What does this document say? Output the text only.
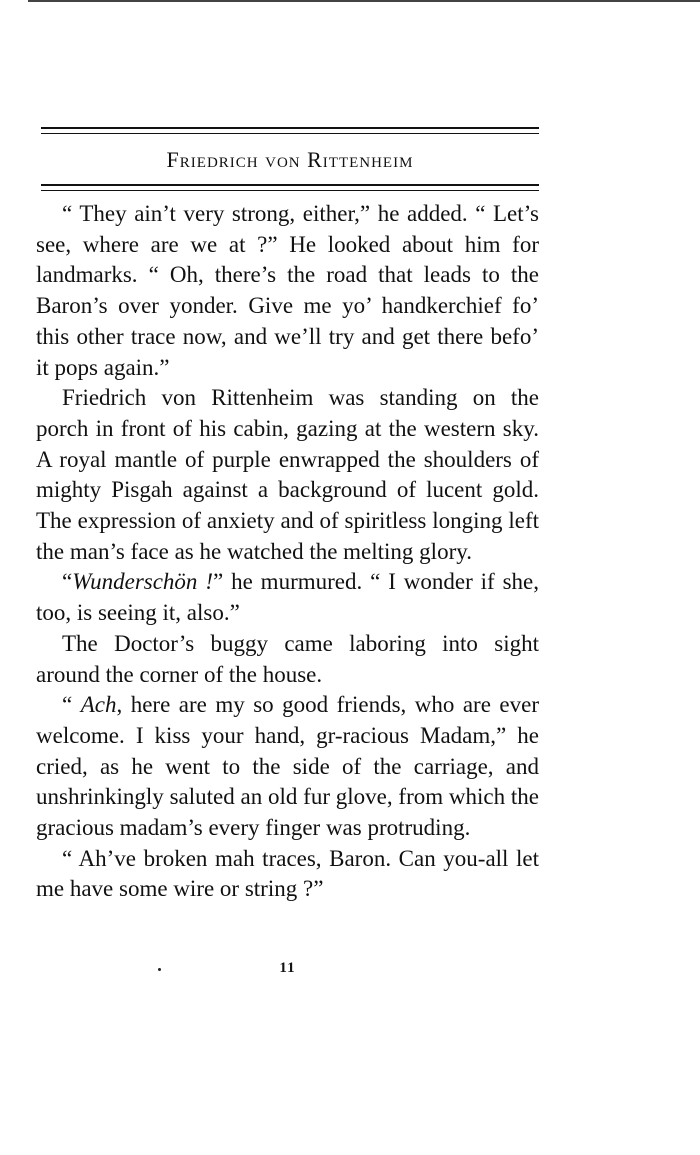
Friedrich von Rittenheim

“ They ain’t very strong, either,” he added. “ Let’s see, where are we at ?” He looked about him for landmarks. “ Oh, there’s the road that leads to the Baron’s over yonder. Give me yo’ handkerchief fo’ this other trace now, and we’ll try and get there befo’ it pops again.”

Friedrich von Rittenheim was standing on the porch in front of his cabin, gazing at the western sky. A royal mantle of purple enwrapped the shoulders of mighty Pisgah against a background of lucent gold. The expression of anxiety and of spiritless longing left the man’s face as he watched the melting glory.

“Wunderschön !” he murmured. “ I wonder if she, too, is seeing it, also.”

The Doctor’s buggy came laboring into sight around the corner of the house.

“ Ach, here are my so good friends, who are ever welcome. I kiss your hand, gr-racious Madam,” he cried, as he went to the side of the carriage, and unshrinkingly saluted an old fur glove, from which the gracious madam’s every finger was protruding.

“ Ah’ve broken mah traces, Baron. Can you-all let me have some wire or string ?”

11
